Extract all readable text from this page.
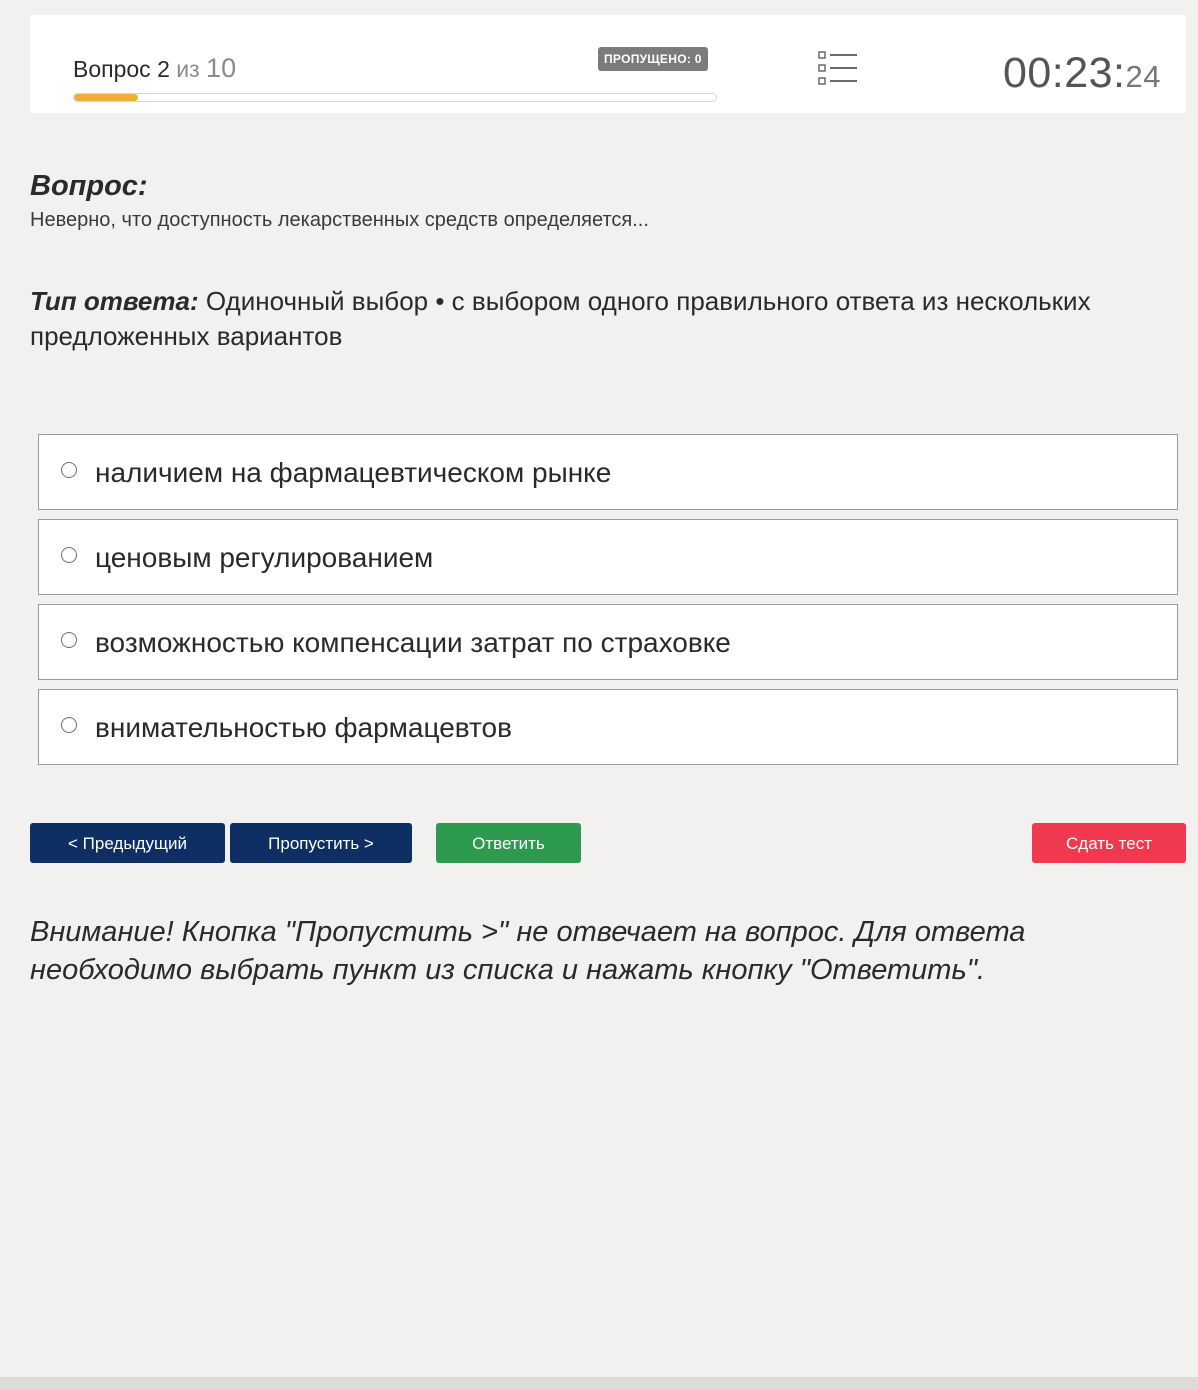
Вопрос 2 из 10	ПРОПУЩЕНО: 0	00:23:24
Вопрос:
Неверно, что доступность лекарственных средств определяется...
Тип ответа: Одиночный выбор • с выбором одного правильного ответа из нескольких предложенных вариантов
наличием на фармацевтическом рынке
ценовым регулированием
возможностью компенсации затрат по страховке
внимательностью фармацевтов
< Предыдущий	Пропустить >	Ответить	Сдать тест
Внимание! Кнопка "Пропустить >" не отвечает на вопрос. Для ответа необходимо выбрать пункт из списка и нажать кнопку "Ответить".
